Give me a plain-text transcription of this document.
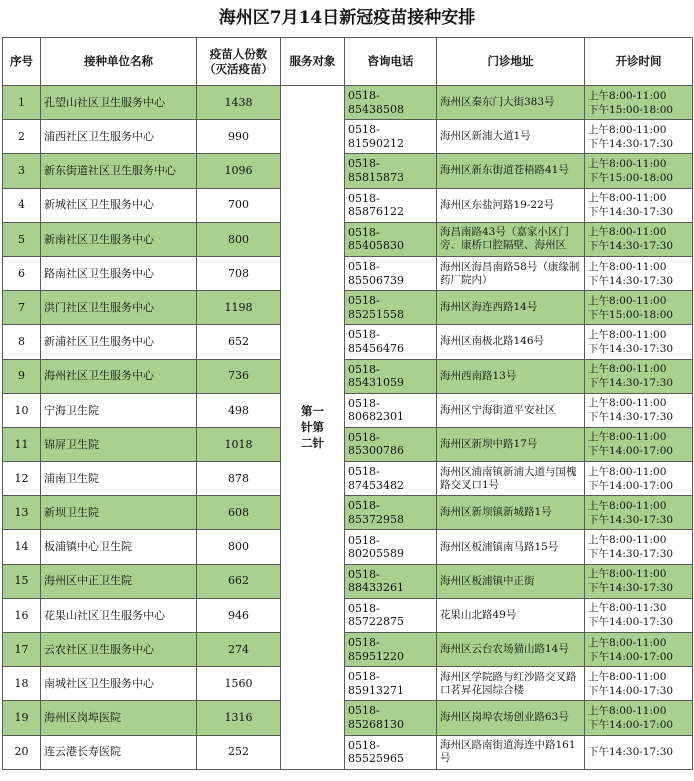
海州区7月14日新冠疫苗接种安排
序号	接种单位名称	疫苗人份数（灭活疫苗）	服务对象	咨询电话	门诊地址	开诊时间
1	孔望山社区卫生服务中心	1438	第一针第二针	0518-85438508	海州区秦东门大街383号	上午8:00-11:00
下午15:00-18:00

2	浦西社区卫生服务中心	990		0518-81590212	海州区新浦大道1号	上午8:00-11:00
下午14:30-17:30

3	新东街道社区卫生服务中心	1096		0518-85815873	海州区新东街道苍梧路41号	上午8:00-11:00
下午15:00-18:00

4	新城社区卫生服务中心	700		0518-85876122	海州区东盐河路19-22号	上午8:00-11:00
下午14:30-17:30

5	新南社区卫生服务中心	800		0518-85405830	海昌南路43号（嘉家小区门旁、康桥口腔隔壁、海州区	上午8:00-11:00
下午14:30-17:30

6	路南社区卫生服务中心	708		0518-85506739	海州区海昌南路58号（康缘制药厂院内）	上午8:00-11:00
下午14:30-17:30

7	洪门社区卫生服务中心	1198		0518-85251558	海州区海连西路14号	上午8:00-11:00
下午15:00-18:00

8	新浦社区卫生服务中心	652		0518-85456476	海州区南极北路146号	上午8:00-11:00
下午14:30-17:30

9	海州社区卫生服务中心	736		0518-85431059	海州西南路13号	上午8:00-11:00
下午14:30-17:30

10	宁海卫生院	498		0518-80682301	海州区宁海街道平安社区	上午8:00-11:00
下午14:30-17:30

11	锦屏卫生院	1018		0518-85300786	海州区新坝中路17号	上午8:00-11:00
下午14:00-17:00

12	浦南卫生院	878		0518-87453482	海州区浦南镇新浦大道与国槐路交叉口1号	上午8:00-11:00
下午14:00-17:00

13	新坝卫生院	608		0518-85372958	海州区新坝镇新城路1号	上午8:00-11:00
下午14:30-17:30

14	板浦镇中心卫生院	800		0518-80205589	海州区板浦镇南马路15号	上午8:00-11:00
下午14:30-17:30

15	海州区中正卫生院	662		0518-88433261	海州区板浦镇中正街	上午8:00-11:00
下午14:30-17:30

16	花果山社区卫生服务中心	946		0518-85722875	花果山北路49号	上午8:00-11:30
下午14:00-17:30

17	云农社区卫生服务中心	274		0518-85951220	海州区云台农场猫山路14号	上午8:00-11:00
下午14:00-17:00

18	南城社区卫生服务中心	1560		0518-85913271	海州区学院路与红沙路交叉路口茗昇花园综合楼	上午8:00-11:00
下午14:00-17:30

19	海州区岗埠医院	1316		0518-85268130	海州区岗埠农场创业路63号	上午8:00-11:00
下午14:00-17:00

20	连云港长寿医院	252		0518-85525965	海州区路南街道海连中路161号	下午14:30-17:30
